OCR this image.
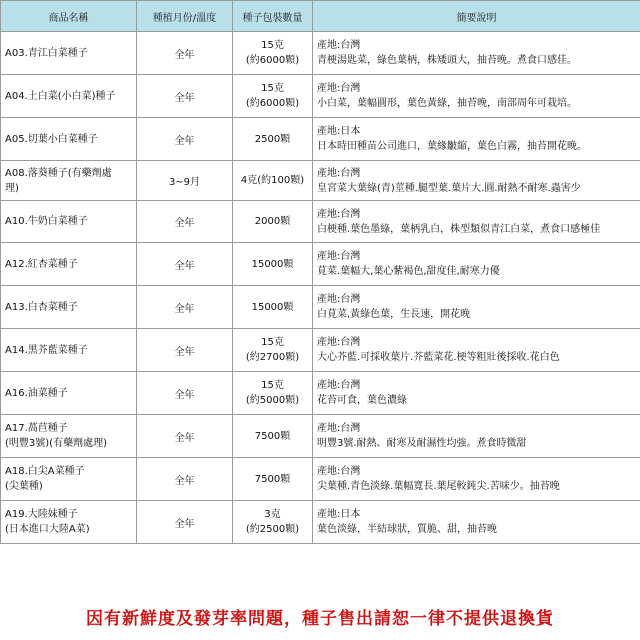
商品名稱	種植月份/溫度	種子包裝數量	簡要說明

A03.青江白菜種子	全年	15克
(約6000顆)	產地:台灣
青梗湯匙菜，綠色葉柄，株矮頭大，抽苔晚。煮食口感佳。

A04.土白菜(小白菜)種子	全年	15克
(約6000顆)	產地:台灣
小白菜，葉幅圓形，葉色黃綠，抽苔晚，南部周年可栽培。

A05.切葉小白菜種子	全年	2500顆	產地:日本
日本時田種苗公司進口，葉緣皺縮，葉色白霧，抽苔開花晚。

A08.落葵種子(有藥劑處
理)	3~9月	4克(約100顆)	產地:台灣
皇宮菜大葉綠(青)莖種.腿型葉.葉片大.圓.耐熱不耐寒.蟲害少

A10.牛奶白菜種子	全年	2000顆	產地:台灣
白梗種.葉色墨綠，葉柄乳白，株型類似青江白菜，煮食口感極佳

A12.紅杏菜種子	全年	15000顆	產地:台灣
莧菜.葉幅大,葉心紫褐色,甜度佳,耐寒力優

A13.白杏菜種子	全年	15000顆	產地:台灣
白莧菜,黃綠色葉，生長速，開花晚

A14.黑芥藍菜種子	全年	15克
(約2700顆)	產地:台灣
大心芥藍.可採收葉片.芥藍菜花.梗等粗壯後採收.花白色

A16.油菜種子	全年	15克
(約5000顆)	產地:台灣
花苔可食，葉色濃綠

A17.萵苣種子
(明豐3號)(有藥劑處理)	全年	7500顆	產地:台灣
明豐3號.耐熱、耐寒及耐濕性均強。煮食時微甜

A18.白尖A菜種子
(尖葉種)	全年	7500顆	產地:台灣
尖葉種.青色淡綠.葉幅寬長.葉尾較鈍尖.苦味少。抽苔晚

A19.大陸妹種子
(日本進口大陸A菜)	全年	3克
(約2500顆)	產地:日本
葉色淡綠，半結球狀，質脆、甜，抽苔晚
因有新鮮度及發芽率問題，種子售出請恕一律不提供退換貨
